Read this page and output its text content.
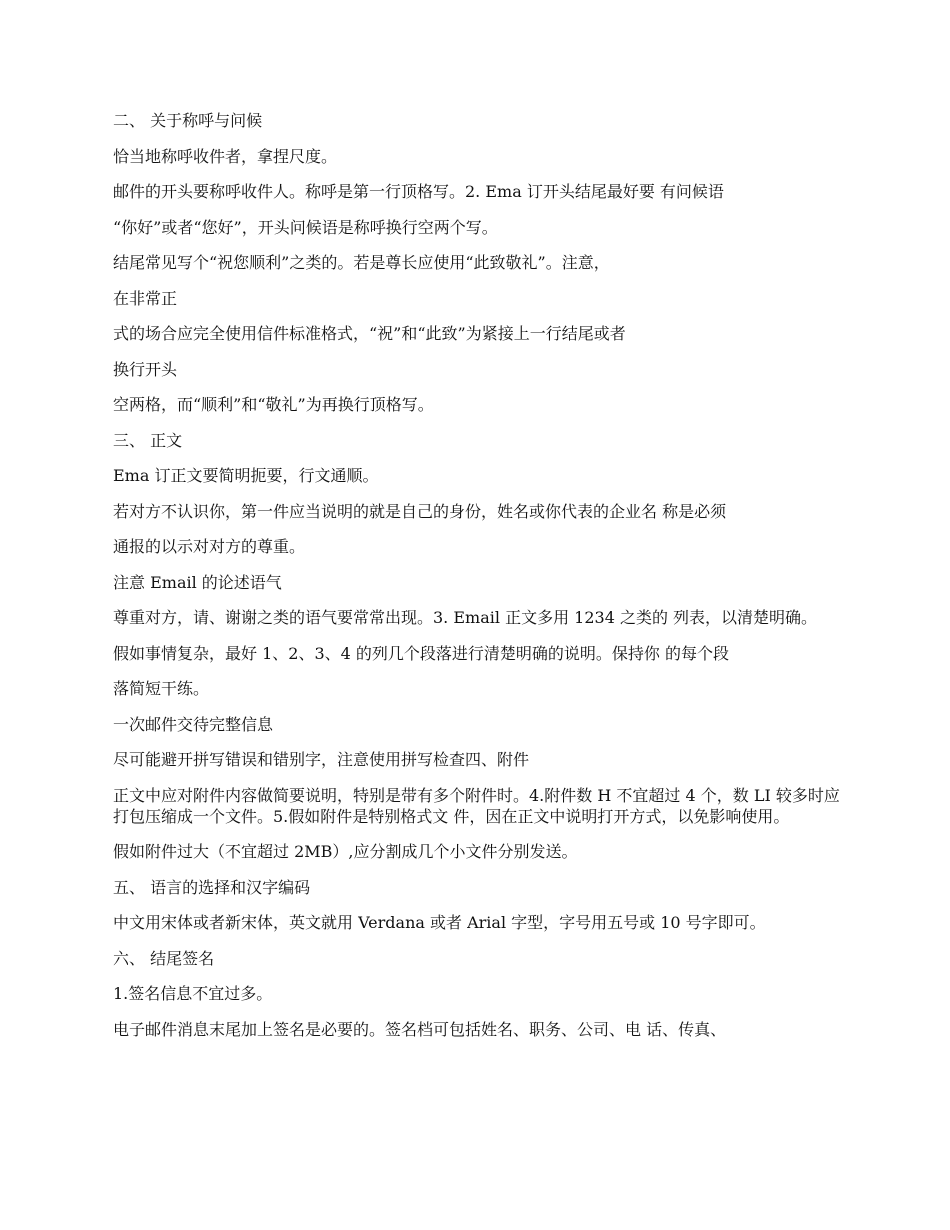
二、 关于称呼与问候

恰当地称呼收件者，拿捏尺度。

邮件的开头要称呼收件人。称呼是第一行顶格写。2. Ema 订开头结尾最好要 有问候语

“你好”或者“您好”，开头问候语是称呼换行空两个写。

结尾常见写个“祝您顺利”之类的。若是尊长应使用“此致敬礼”。注意，

在非常正

式的场合应完全使用信件标准格式，“祝”和“此致”为紧接上一行结尾或者

换行开头

空两格，而“顺利”和“敬礼”为再换行顶格写。

三、 正文

Ema 订正文要简明扼要，行文通顺。

若对方不认识你，第一件应当说明的就是自己的身份，姓名或你代表的企业名 称是必须

通报的以示对对方的尊重。

注意 Email 的论述语气

尊重对方，请、谢谢之类的语气要常常出现。3. Email 正文多用 1234 之类的 列表，以清楚明确。

假如事情复杂，最好 1、2、3、4 的列几个段落进行清楚明确的说明。保持你 的每个段

落简短干练。

一次邮件交待完整信息

尽可能避开拼写错误和错别字，注意使用拼写检查四、附件

正文中应对附件内容做简要说明，特别是带有多个附件时。4.附件数 H 不宜超过 4 个，数 LI 较多时应打包压缩成一个文件。5.假如附件是特别格式文 件，因在正文中说明打开方式，以免影响使用。

假如附件过大（不宜超过 2MB）,应分割成几个小文件分别发送。

五、 语言的选择和汉字编码

中文用宋体或者新宋体，英文就用 Verdana 或者 Arial 字型，字号用五号或 10 号字即可。

六、 结尾签名

1.签名信息不宜过多。

电子邮件消息末尾加上签名是必要的。签名档可包括姓名、职务、公司、电 话、传真、
